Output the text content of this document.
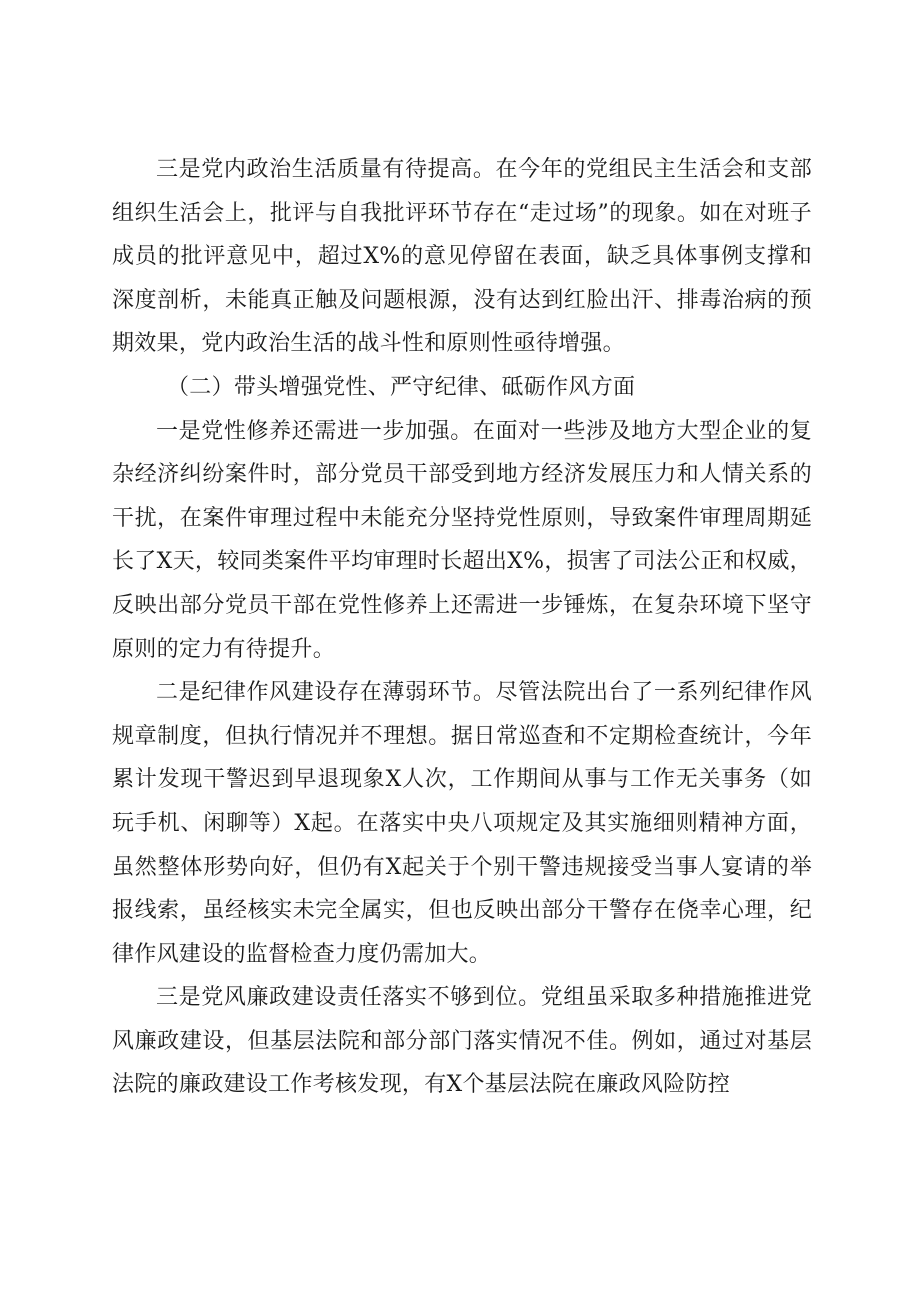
三是党内政治生活质量有待提高。在今年的党组民主生活会和支部组织生活会上，批评与自我批评环节存在“走过场”的现象。如在对班子成员的批评意见中，超过X%的意见停留在表面，缺乏具体事例支撑和深度剖析，未能真正触及问题根源，没有达到红脸出汗、排毒治病的预期效果，党内政治生活的战斗性和原则性亟待增强。

（二）带头增强党性、严守纪律、砥砺作风方面

一是党性修养还需进一步加强。在面对一些涉及地方大型企业的复杂经济纠纷案件时，部分党员干部受到地方经济发展压力和人情关系的干扰，在案件审理过程中未能充分坚持党性原则，导致案件审理周期延长了X天，较同类案件平均审理时长超出X%，损害了司法公正和权威，反映出部分党员干部在党性修养上还需进一步锤炼，在复杂环境下坚守原则的定力有待提升。

二是纪律作风建设存在薄弱环节。尽管法院出台了一系列纪律作风规章制度，但执行情况并不理想。据日常巡查和不定期检查统计，今年累计发现干警迟到早退现象X人次，工作期间从事与工作无关事务（如玩手机、闲聊等）X起。在落实中央八项规定及其实施细则精神方面，虽然整体形势向好，但仍有X起关于个别干警违规接受当事人宴请的举报线索，虽经核实未完全属实，但也反映出部分干警存在侥幸心理，纪律作风建设的监督检查力度仍需加大。

三是党风廉政建设责任落实不够到位。党组虽采取多种措施推进党风廉政建设，但基层法院和部分部门落实情况不佳。例如，通过对基层法院的廉政建设工作考核发现，有X个基层法院在廉政风险防控
